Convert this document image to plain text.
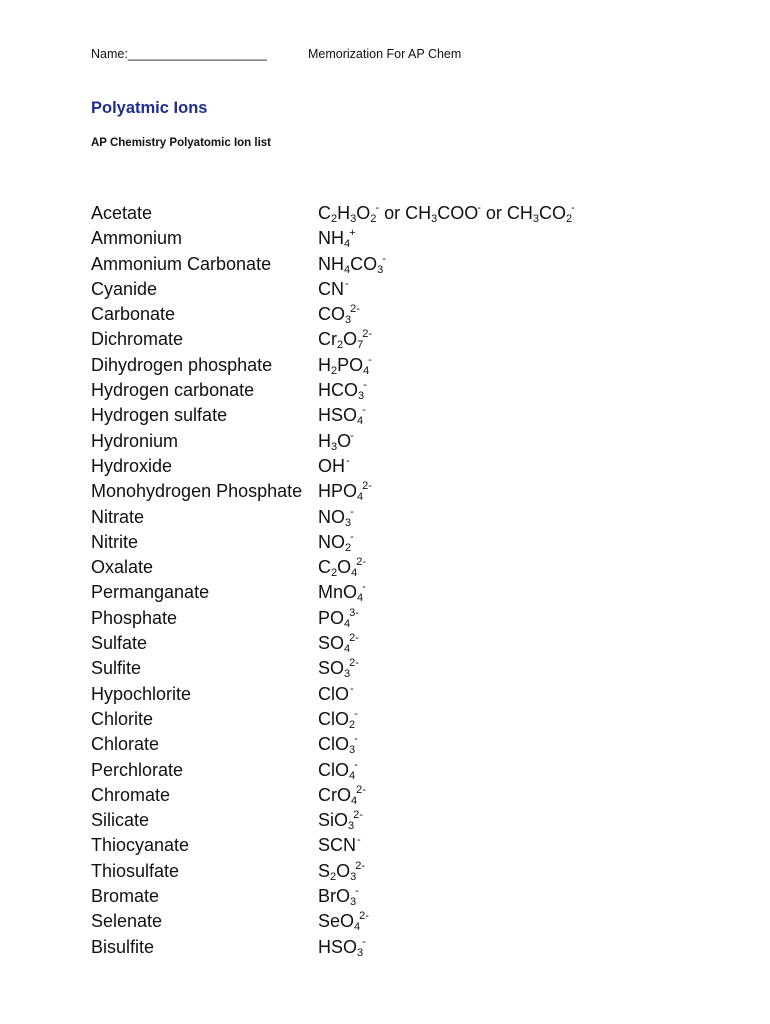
Name:____________________	Memorization For AP Chem
Polyatmic Ions
AP Chemistry Polyatomic Ion list
Acetate	$C_2H_3O_2^-$ or $CH_3COO^-$ or $CH_3CO_2^-$
Ammonium	$NH_4^+$
Ammonium Carbonate	$NH_4CO_3^-$
Cyanide	CN-
Carbonate	$CO_3^{2-}$
Dichromate	$Cr_2O_7^{2-}$
Dihydrogen phosphate	$H_2PO_4^-$
Hydrogen carbonate	$HCO_3^-$
Hydrogen sulfate	$HSO_4^-$
Hydronium	$H_3O^-$
Hydroxide	OH-
Monohydrogen Phosphate $HPO_4^{2-}$
Nitrate	$NO_3^-$
Nitrite	$NO_2^-$
Oxalate	$C_2O_4^{2-}$
Permanganate	MnO$_4$-
Phosphate	$PO_4^{3-}$
Sulfate	$SO_4^{2-}$
Sulfite	$SO_3^{2-}$
Hypochlorite	ClO-
Chlorite	ClO$_2$-
Chlorate	ClO$_3$-
Perchlorate	ClO$_4$-
Chromate	CrO$_4^{2-}$
Silicate	SiO$_3^{2-}$
Thiocyanate	SCN-
Thiosulfate	$S_2O_3^{2-}$
Bromate	BrO$_3$-
Selenate	SeO$_4^{2-}$
Bisulfite	$HSO_3^-$
